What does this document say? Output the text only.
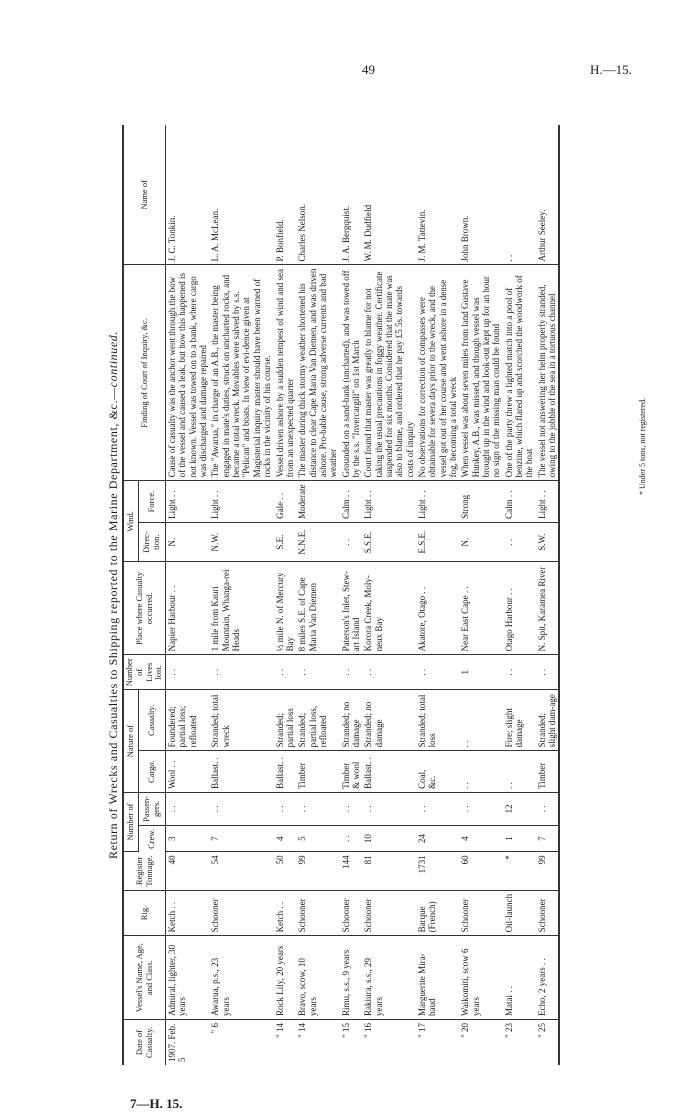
49	H.—15.
Return of Wrecks and Casualties to Shipping reported to the Marine Department, &c.—continued.
Date of Casualty.	Vessel's Name, Age, and Class.	Rig.	Register Tonnage.	Number of		Nature of		Number of Lives lost.	Place where Casualty occurred.	Wind.		Finding of Court of Inquiry, &c.	Name of
				Crew.	Passen-gers.	Cargo.	Casualty.			Direc-tion.	Force.		
1907. Feb. 5	Admiral, lighter, 30 years	Ketch . .	40	3	. .	Wool . .	Foundered; partial loss; refloated	. .	Napier Harbour . .	N.	Light . .	Cause of casualty was the anchor went through the bow of the vessel and caused a leak, but how this happened is not known. Vessel was towed on to a bank, where cargo was discharged and damage repaired	J. C. Tonkin.
" 6	Awarua, p.s., 23 years	Schooner	54	7	. .	Ballast. .	Stranded; total wreck	. .	1 mile from Kauri Mountain, Whanga-rei Heads	N.W.	Light . .	The "Awarua," in charge of an A.B., the master being engaged in mate's duties, struck on uncharted rocks, and became a total wreck. Movables were salved by s.s. "Pelican" and boats. In view of evi-dence given at Magisterial inquiry master should have been warned of rocks in the vicinity of his course.	L. A. McLean.
" 14	Rock Lily, 20 years	Ketch . .	50	4	. .	Ballast. .	Stranded; partial loss	. .	½ mile N. of Mercury Bay	S.E.	Gale . .	Vessel driven ashore by a sudden tempest of wind and sea from an unexpected quarter	P. Bonfield.
" 14	Bravo, scow, 10 years	Schooner	99	5	. .	Timber	Stranded; partial loss, refloated	. .	8 miles S.E. of Cape Maria Van Diemen	N.N.E.	Moderate	The master during thick stormy weather shortened his distance to clear Cape Maria Van Diemen, and was driven ashore. Pro-bable cause, strong adverse currents and bad weather	Charles Nelson.
" 15	Rimu, s.s., 9 years	Schooner	144	. .	. .	Timber & wool	Stranded; no damage	. .	Paterson's Inlet, Stew-art Island	. .	Calm . .	Grounded on a sand-bank (uncharted), and was towed off by the s.s. "Invercargill" on 1st March	J. A. Bergquist.
" 16	Rakiura, s.s., 29 years	Schooner	81	10	. .	Ballast. .	Stranded; no damage	. .	Korora Creek, Moly-neux Bay	S.S.E.	Light . .	Court found that master was greatly to blame for not taking the usual precautions in foggy weather. Certificate suspended for six months. Considered that the mate was also to blame, and ordered that he pay £5 5s. towards costs of inquiry	W. M. Dudfield
" 17	Marguerite Mira-baud	Barque (French)	1731	24	. .	Coal, &c.	Stranded; total loss	. .	Akatore, Otago . .	E.S.E.	Light . .	No observations for correction of compasses were obtainable for severa days prior to the wreck, and the vessel got out of her course and went ashore in a dense fog, becoming a total wreck	J. M. Tattevin.
" 20	Waikomiti, scow 6 years	Schooner	60	4	. .	. .	. .	1	Near East Cape . .	N.	Strong	When vessel was about seven miles from land Gustave Hunkey, A.B., was missed, and though vessel was brought up in the wind and look-out kept up for an hour no sign of the missing man could be found	John Brown.
" 23	Matai . .	Oil-launch	*	1	12	. .	Fire; slight damage	. .	Otago Harbour . .	. .	Calm . .	One of the party threw a lighted match into a pool of benzine, which flared up and scorched the woodwork of the boat	. .
" 25	Echo, 2 years . .	Schooner	99	7	. .	Timber	Stranded; slight dam-age	. .	N. Spit, Karamea River	S.W.	Light . .	The vessel not answering her helm properly stranded, owing to the jobble of the sea in a tortuous channel	Arthur Seeley.
* Under 5 tons, not registered.
7—H. 15.
